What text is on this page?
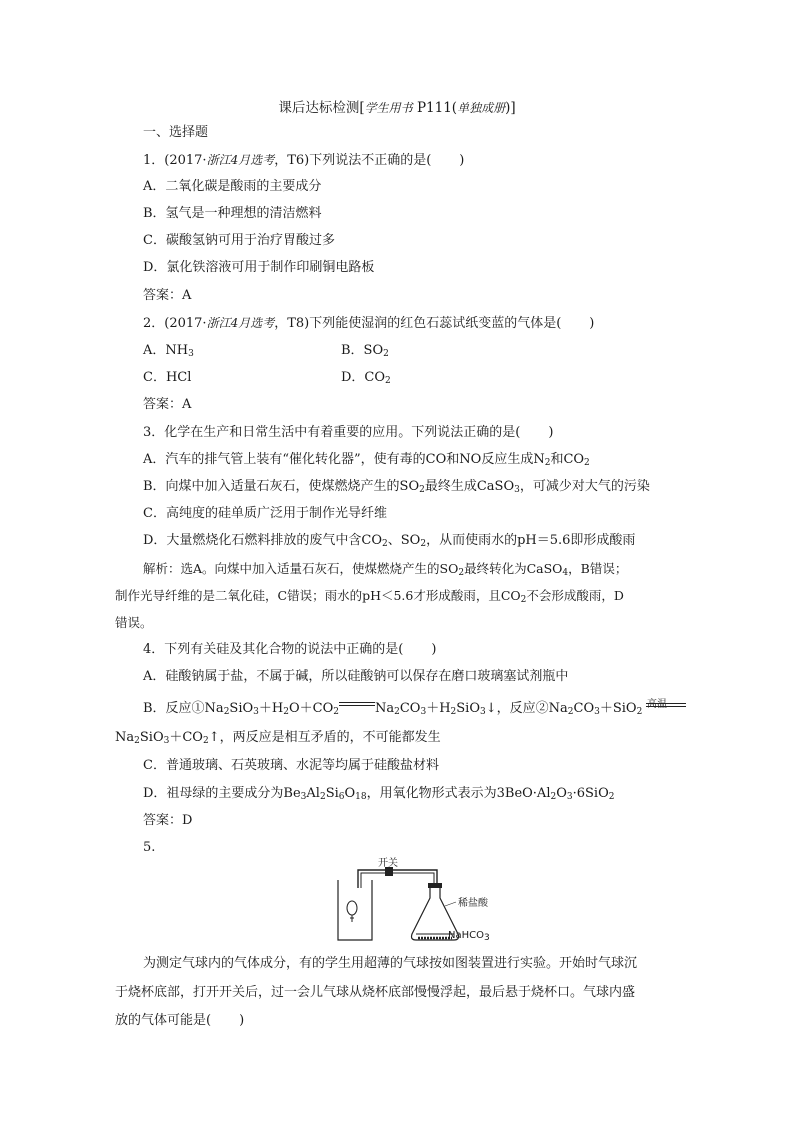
课后达标检测[学生用书 P111(单独成册)]
一、选择题
1．(2017·浙江4月选考，T6)下列说法不正确的是( )
A．二氧化碳是酸雨的主要成分
B．氢气是一种理想的清洁燃料
C．碳酸氢钠可用于治疗胃酸过多
D．氯化铁溶液可用于制作印刷铜电路板
答案：A
2．(2017·浙江4月选考，T8)下列能使湿润的红色石蕊试纸变蓝的气体是( )
A．$NH_3$	B．$SO_2$
C．HCl	D．$CO_2$
答案：A
3．化学在生产和日常生活中有着重要的应用。下列说法正确的是( )
A．汽车的排气管上装有“催化转化器”，使有毒的CO和NO反应生成$N_2$和$CO_2$
B．向煤中加入适量石灰石，使煤燃烧产生的$SO_2$最终生成CaSO$_3$，可减少对大气的污染
C．高纯度的硅单质广泛用于制作光导纤维
D．大量燃烧化石燃料排放的废气中含$CO_2$、$SO_2$，从而使雨水的pH＝5.6即形成酸雨
解析：选A。向煤中加入适量石灰石，使煤燃烧产生的$SO_2$最终转化为CaSO$_4$，B错误；
制作光导纤维的是二氧化硅，C错误；雨水的pH＜5.6才形成酸雨，且$CO_2$不会形成酸雨，D
错误。
4．下列有关硅及其化合物的说法中正确的是( )
A．硅酸钠属于盐，不属于碱，所以硅酸钠可以保存在磨口玻璃塞试剂瓶中
高温
B．反应$①Na_2SiO_3+H_2O+CO_2$	$Na_2CO_3+H_2SiO_3↓$，反应$②Na_2CO_3+SiO_2$
$Na_2SiO_3+CO_2↑$，两反应是相互矛盾的，不可能都发生
C．普通玻璃、石英玻璃、水泥等均属于硅酸盐材料
D．祖母绿的主要成分为$Be_3Al_2Si_6O_{18}$，用氧化物形式表示为$3BeO\cdot Al_2O_3\cdot 6SiO_2$
答案：D
5.
开关
稀盐酸
NaHCO$_3$
为测定气球内的气体成分，有的学生用超薄的气球按如图装置进行实验。开始时气球沉
于烧杯底部，打开开关后，过一会儿气球从烧杯底部慢慢浮起，最后悬于烧杯口。气球内盛
放的气体可能是( )
